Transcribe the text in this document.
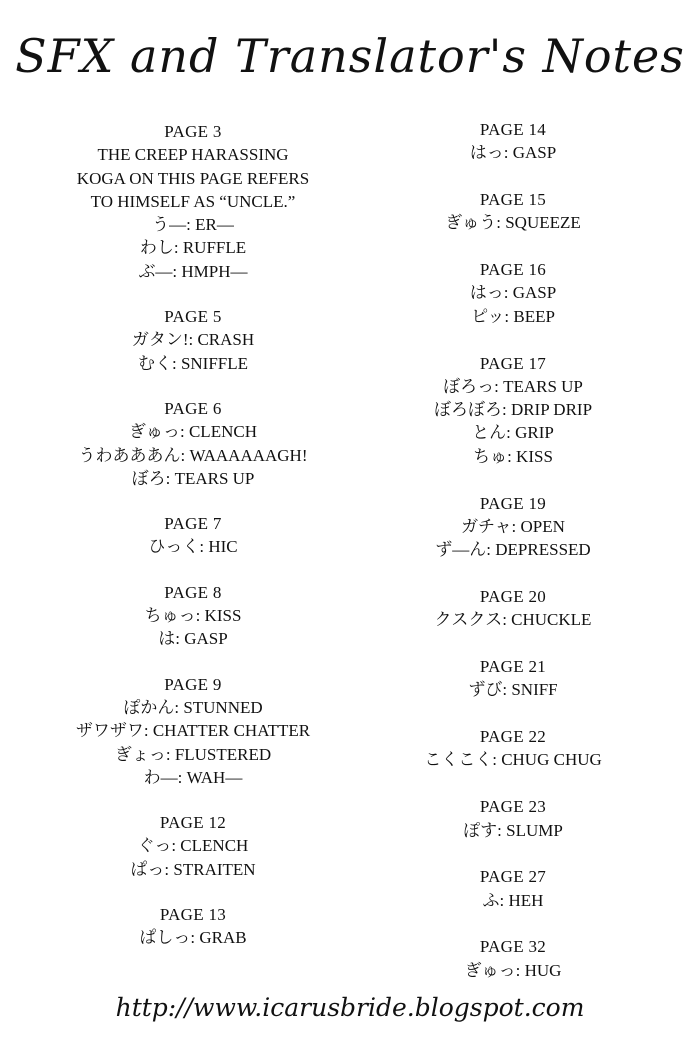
SFX and Translator's Notes
PAGE 3
THE CREEP HARASSING
KOGA ON THIS PAGE REFERS
TO HIMSELF AS “UNCLE.”
う—: ER—
わし: RUFFLE
ぶ—: HMPH—
PAGE 5
ガタン!: CRASH
むく: SNIFFLE
PAGE 6
ぎゅっ: CLENCH
うわあああん: WAAAAAAGH!
ぼろ: TEARS UP
PAGE 7
ひっく: HIC
PAGE 8
ちゅっ: KISS
は: GASP
PAGE 9
ぽかん: STUNNED
ザワザワ: CHATTER CHATTER
ぎょっ: FLUSTERED
わ—: WAH—
PAGE 12
ぐっ: CLENCH
ぱっ: STRAITEN
PAGE 13
ぱしっ: GRAB
PAGE 14
はっ: GASP
PAGE 15
ぎゅう: SQUEEZE
PAGE 16
はっ: GASP
ピッ: BEEP
PAGE 17
ぼろっ: TEARS UP
ぼろぼろ: DRIP DRIP
とん: GRIP
ちゅ: KISS
PAGE 19
ガチャ: OPEN
ず—ん: DEPRESSED
PAGE 20
クスクス: CHUCKLE
PAGE 21
ずび: SNIFF
PAGE 22
こくこく: CHUG CHUG
PAGE 23
ぽす: SLUMP
PAGE 27
ふ: HEH
PAGE 32
ぎゅっ: HUG
http://www.icarusbride.blogspot.com
